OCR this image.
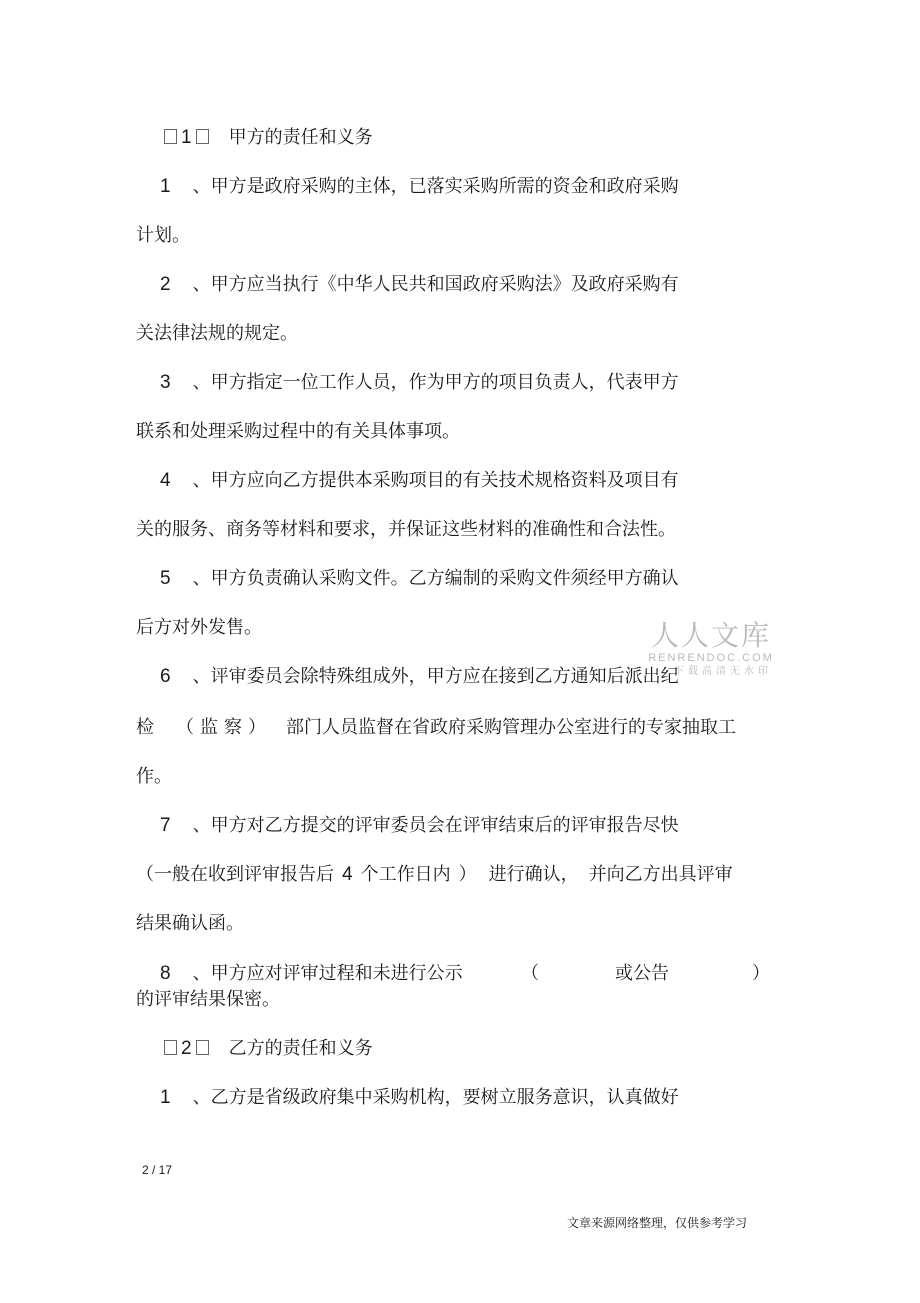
1 甲方的责任和义务
1 、甲方是政府采购的主体，已落实采购所需的资金和政府采购
计划。
2 、甲方应当执行《中华人民共和国政府采购法》及政府采购有
关法律法规的规定。
3 、甲方指定一位工作人员，作为甲方的项目负责人，代表甲方
联系和处理采购过程中的有关具体事项。
4 、甲方应向乙方提供本采购项目的有关技术规格资料及项目有
关的服务、商务等材料和要求，并保证这些材料的准确性和合法性。
5 、甲方负责确认采购文件。乙方编制的采购文件须经甲方确认
后方对外发售。	人人文库
RENRENDOC.COM
下载高清无水印
6 、评审委员会除特殊组成外，甲方应在接到乙方通知后派出纪
检 （监察） 部门人员监督在省政府采购管理办公室进行的专家抽取工
作。
7 、甲方对乙方提交的评审委员会在评审结束后的评审报告尽快
（一般在收到评审报告后 4 个工作日内 ） 进行确认， 并向乙方出具评审
结果确认函。
8 、甲方应对评审过程和未进行公示	（	或公告	）
的评审结果保密。
2 乙方的责任和义务
1 、乙方是省级政府集中采购机构，要树立服务意识，认真做好
2 / 17
文章来源网络整理，仅供参考学习
